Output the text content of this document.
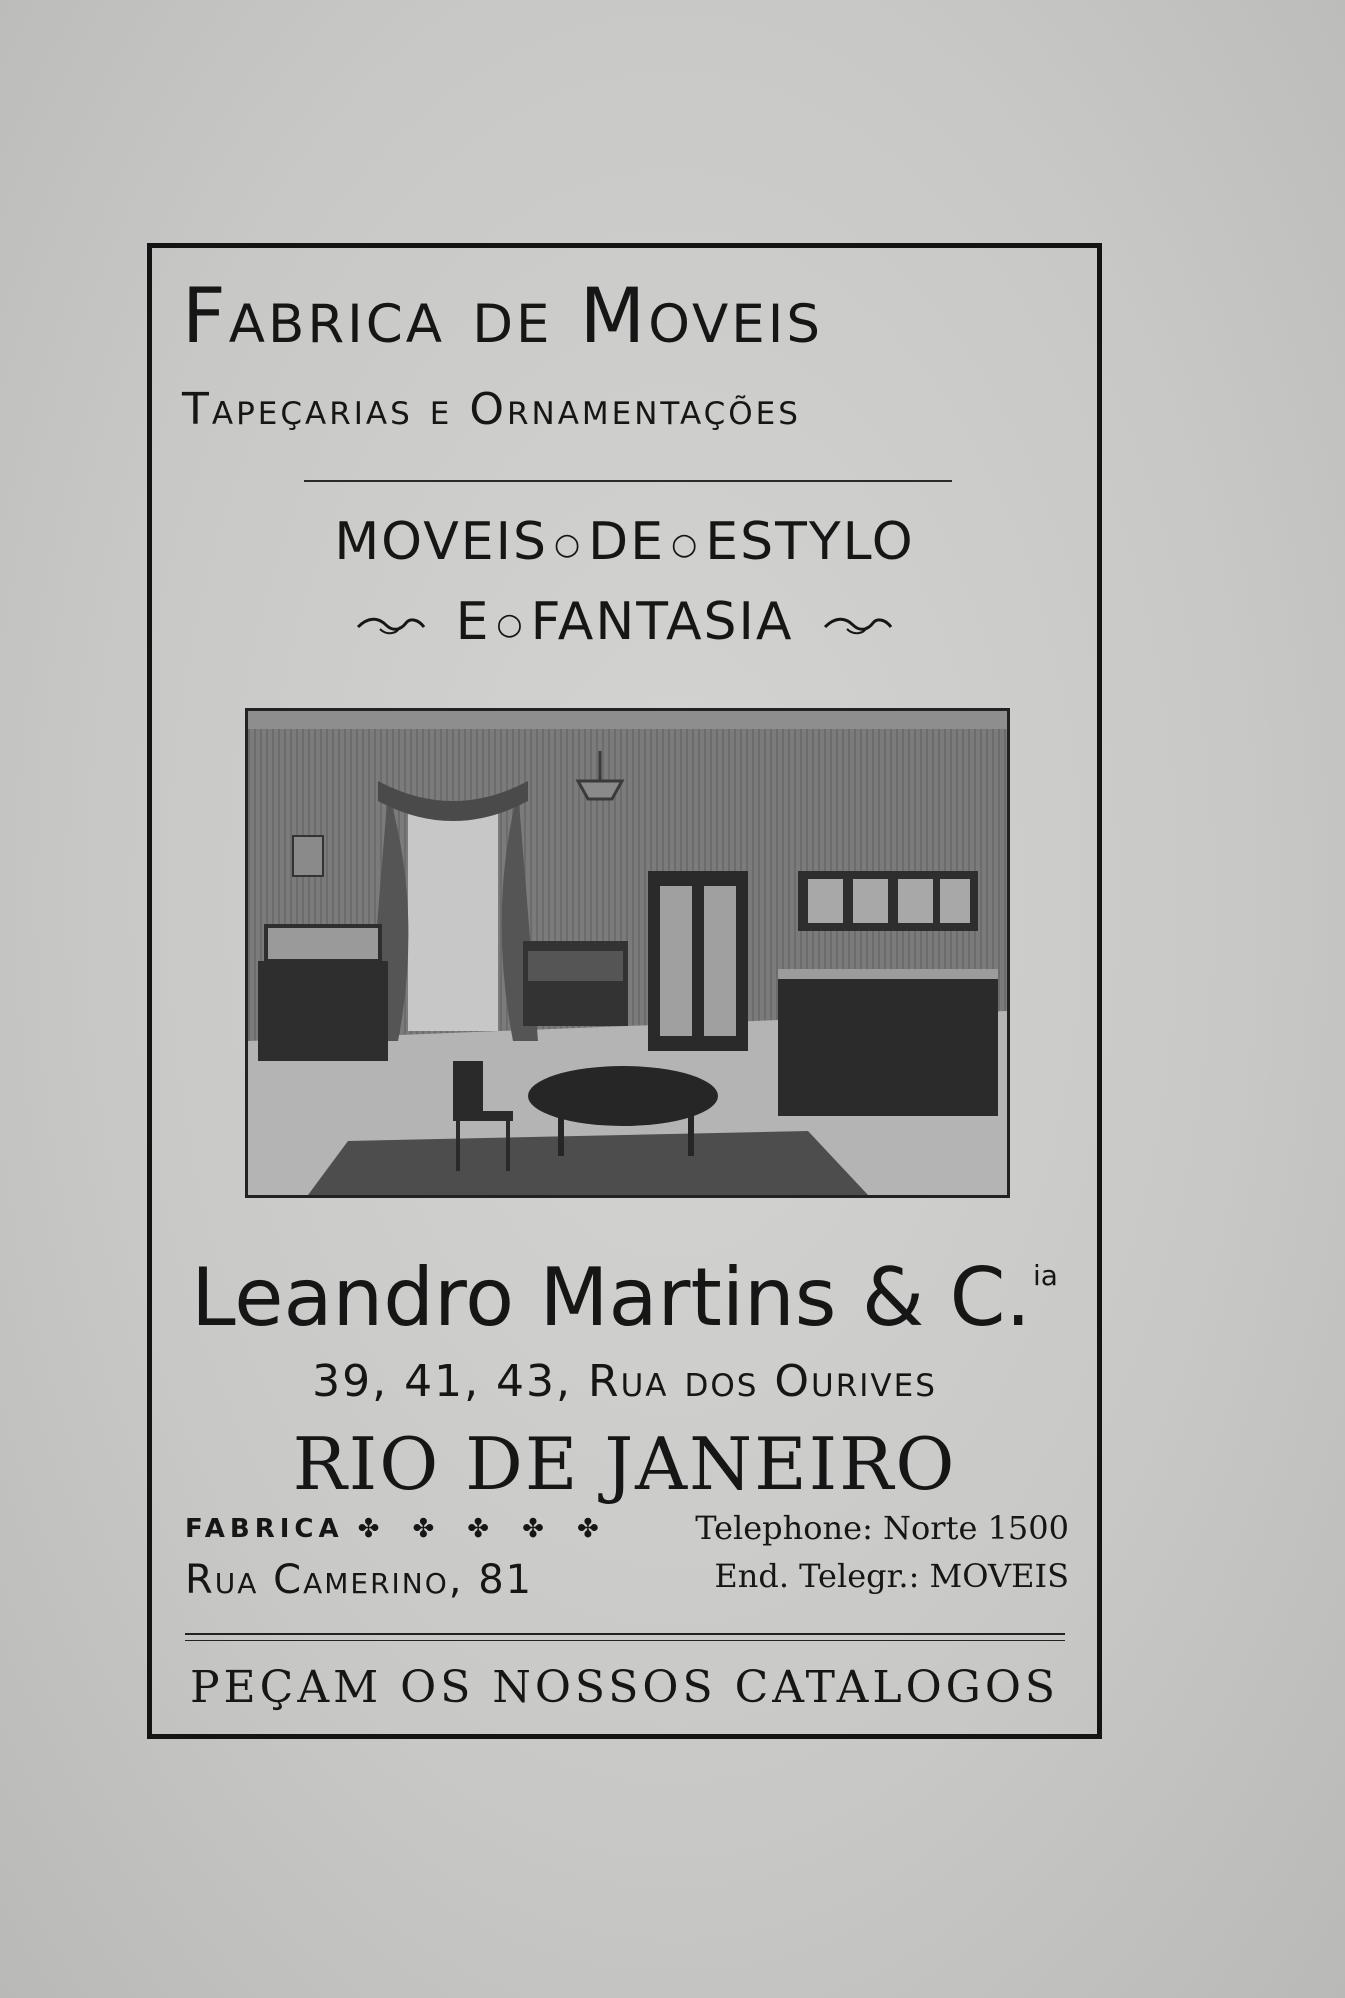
Fabrica de Moveis
Tapeçarias e Ornamentações
MOVEIS ○ DE ○ ESTYLO
E ○ FANTASIA
Leandro Martins & C.$^{ia}$
39, 41, 43, Rua dos Ourives
RIO DE JANEIRO
FABRICA ✤ ✤ ✤ ✤ ✤
Rua Camerino, 81
Telephone: Norte 1500
End. Telegr.: MOVEIS
PEÇAM OS NOSSOS CATALOGOS
